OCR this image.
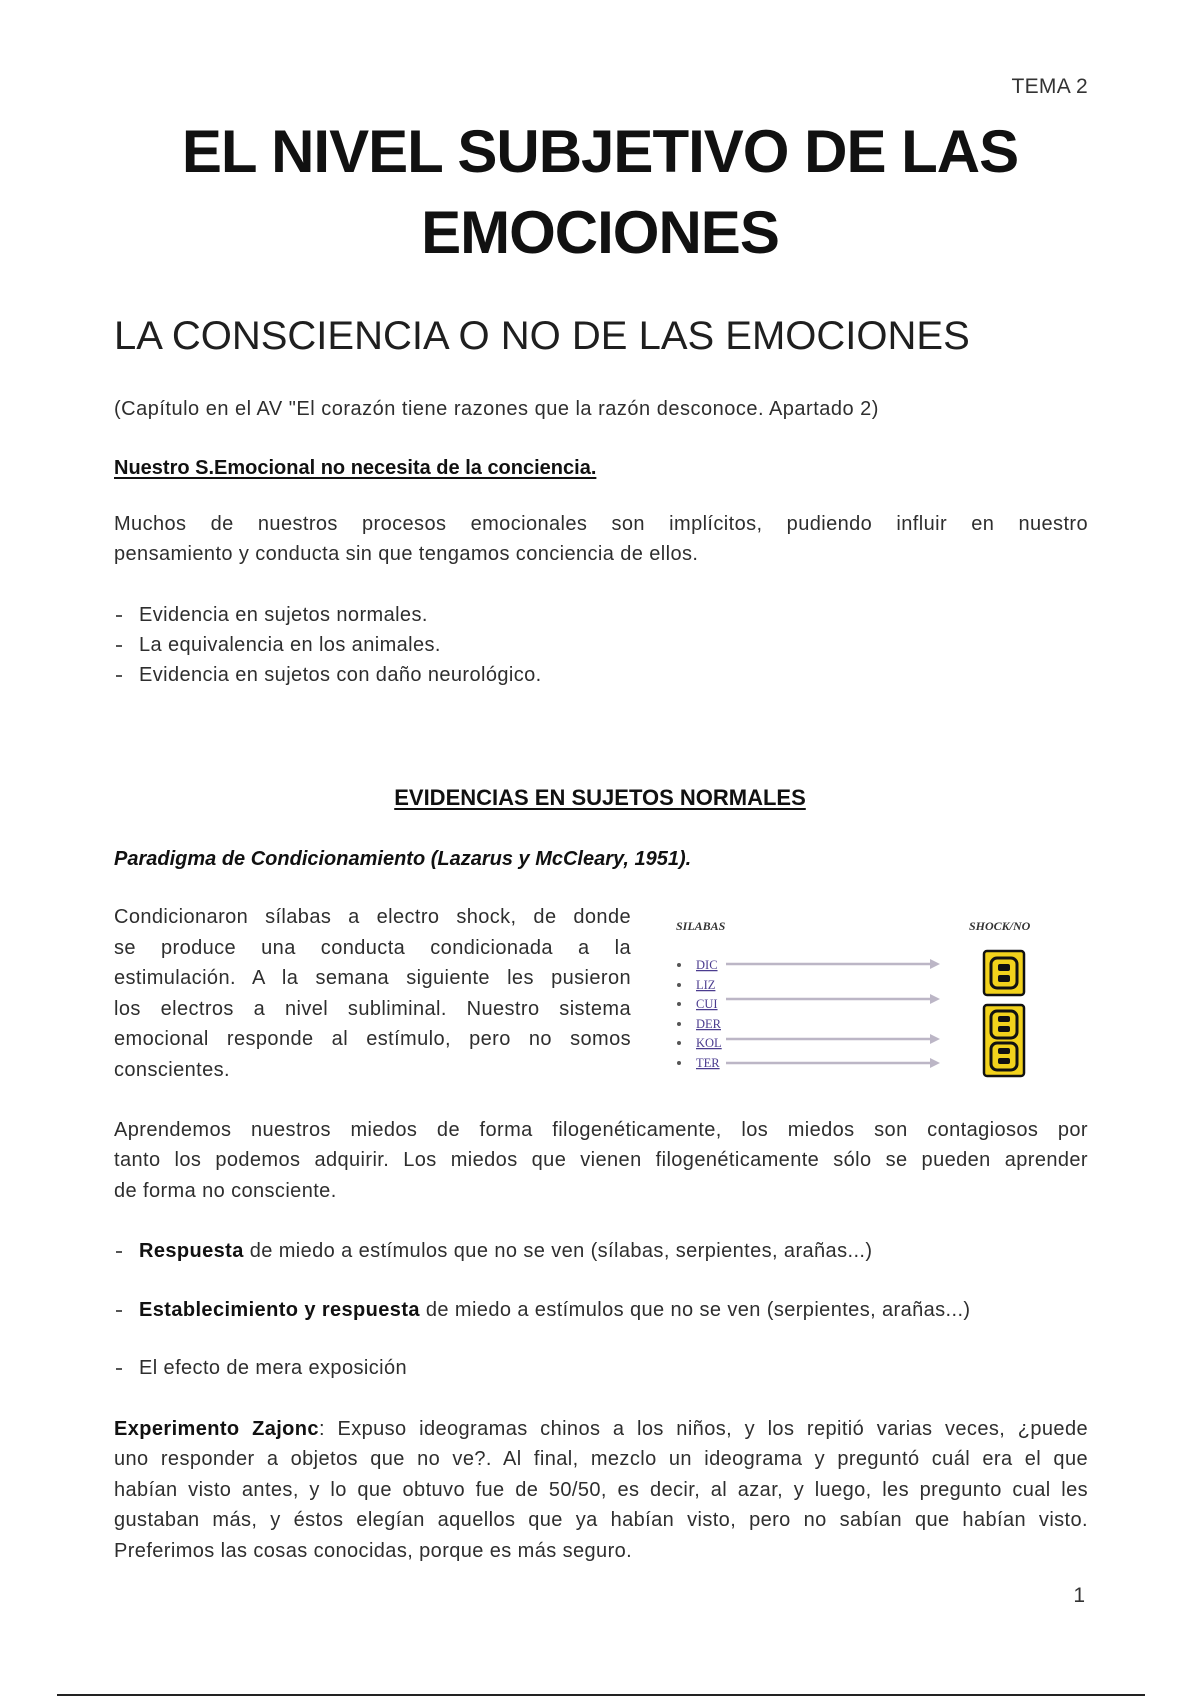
TEMA 2
EL NIVEL SUBJETIVO DE LAS
EMOCIONES
LA CONSCIENCIA O NO DE LAS EMOCIONES
(Capítulo en el AV "El corazón tiene razones que la razón desconoce. Apartado 2)
Nuestro S.Emocional no necesita de la conciencia.
Muchos de nuestros procesos emocionales son implícitos, pudiendo influir en nuestro
pensamiento y conducta sin que tengamos conciencia de ellos.
Evidencia en sujetos normales.
La equivalencia en los animales.
Evidencia en sujetos con daño neurológico.
EVIDENCIAS EN SUJETOS NORMALES
Paradigma de Condicionamiento (Lazarus y McCleary, 1951).
Condicionaron sílabas a electro shock, de donde
se produce una conducta condicionada a la
estimulación. A la semana siguiente les pusieron
los electros a nivel subliminal. Nuestro sistema
emocional responde al estímulo, pero no somos
conscientes.
SILABAS	SHOCK/NO
DIC
LIZ
CUI
DER
KOL
TER
Aprendemos nuestros miedos de forma filogenéticamente, los miedos son contagiosos por
tanto los podemos adquirir. Los miedos que vienen filogenéticamente sólo se pueden aprender
de forma no consciente.
Respuesta de miedo a estímulos que no se ven (sílabas, serpientes, arañas...)
Establecimiento y respuesta de miedo a estímulos que no se ven (serpientes, arañas...)
El efecto de mera exposición
Experimento Zajonc: Expuso ideogramas chinos a los niños, y los repitió varias veces, ¿puede
uno responder a objetos que no ve?. Al final, mezclo un ideograma y preguntó cuál era el que
habían visto antes, y lo que obtuvo fue de 50/50, es decir, al azar, y luego, les pregunto cual les
gustaban más, y éstos elegían aquellos que ya habían visto, pero no sabían que habían visto.
Preferimos las cosas conocidas, porque es más seguro.
1
